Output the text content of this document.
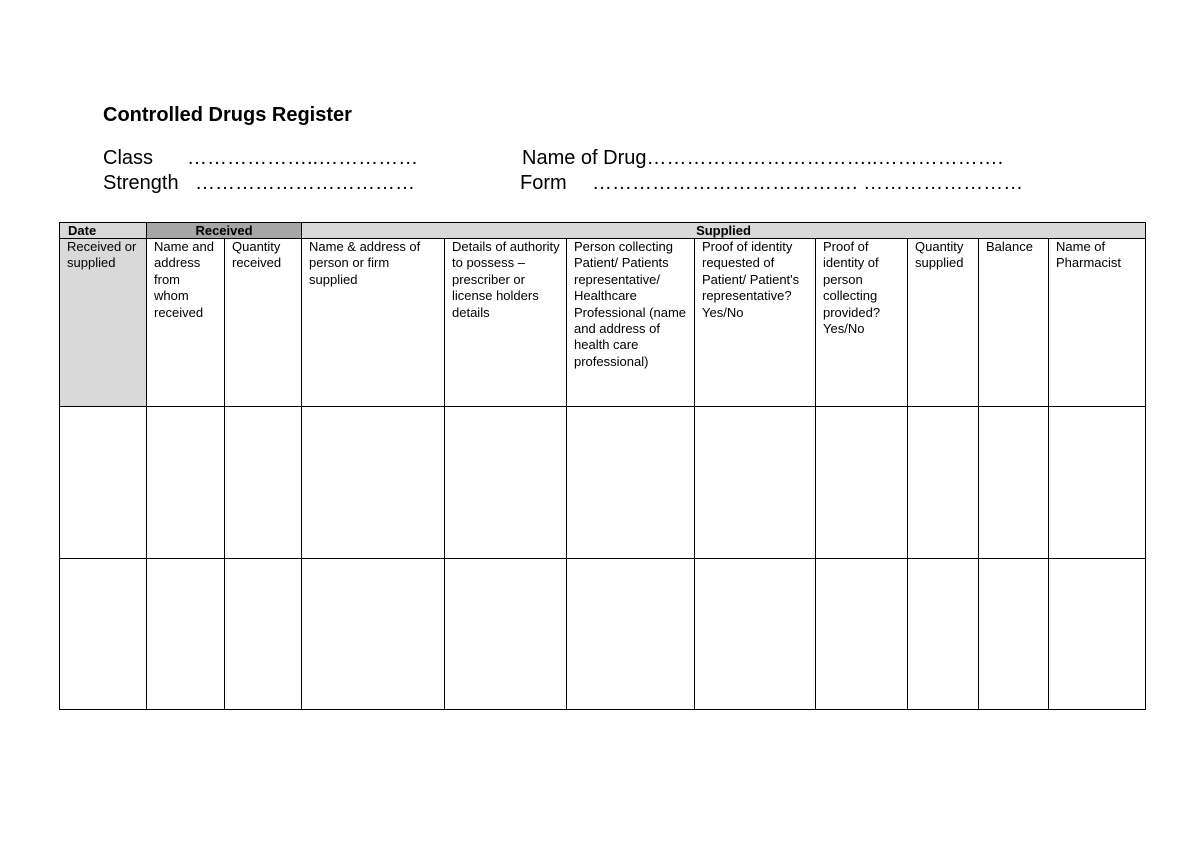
Controlled Drugs Register
Class ………………..……………	Name of Drug……………………………..……………….
Strength ……………………………	Form …………………………………. ……………………
Date	Received		Supplied							
Received or supplied	Name and address from whom received	Quantity received	Name & address of person or firm supplied	Details of authority to possess – prescriber or license holders details	Person collecting Patient/ Patients representative/ Healthcare Professional (name and address of health care professional)	Proof of identity requested of Patient/ Patient's representative? Yes/No	Proof of identity of person collecting provided? Yes/No	Quantity supplied	Balance	Name of Pharmacist
